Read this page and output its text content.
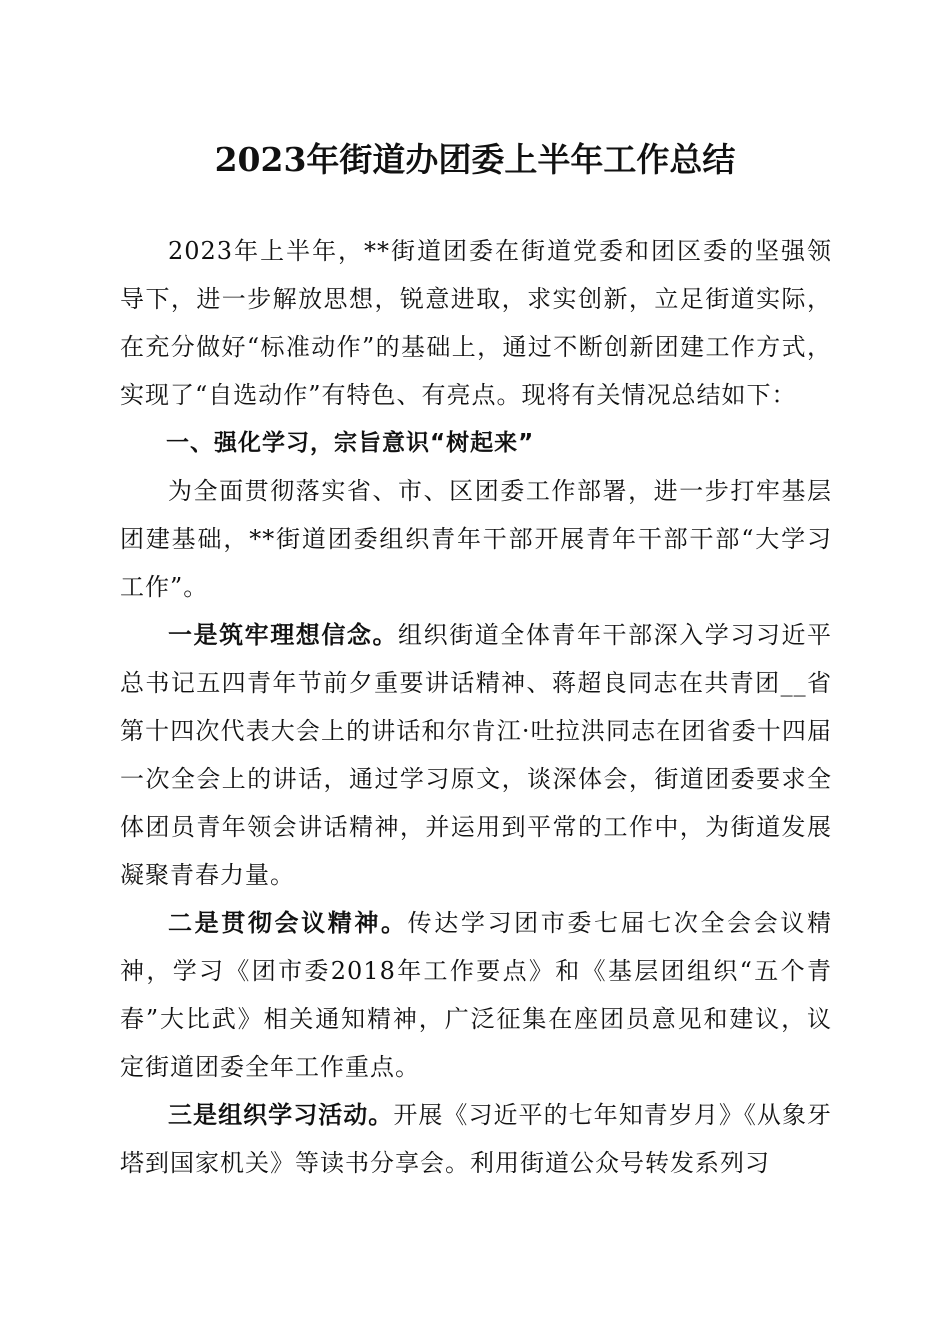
2023年街道办团委上半年工作总结

2023年上半年，**街道团委在街道党委和团区委的坚强领导下，进一步解放思想，锐意进取，求实创新，立足街道实际，在充分做好“标准动作”的基础上，通过不断创新团建工作方式，实现了“自选动作”有特色、有亮点。现将有关情况总结如下：

一、强化学习，宗旨意识“树起来”

为全面贯彻落实省、市、区团委工作部署，进一步打牢基层团建基础，**街道团委组织青年干部开展青年干部干部“大学习工作”。

一是筑牢理想信念。组织街道全体青年干部深入学习习近平总书记五四青年节前夕重要讲话精神、蒋超良同志在共青团__省第十四次代表大会上的讲话和尔肯江·吐拉洪同志在团省委十四届一次全会上的讲话，通过学习原文，谈深体会，街道团委要求全体团员青年领会讲话精神，并运用到平常的工作中，为街道发展凝聚青春力量。

二是贯彻会议精神。传达学习团市委七届七次全会会议精神，学习《团市委2018年工作要点》和《基层团组织“五个青春”大比武》相关通知精神，广泛征集在座团员意见和建议，议定街道团委全年工作重点。

三是组织学习活动。开展《习近平的七年知青岁月》《从象牙塔到国家机关》等读书分享会。利用街道公众号转发系列习
